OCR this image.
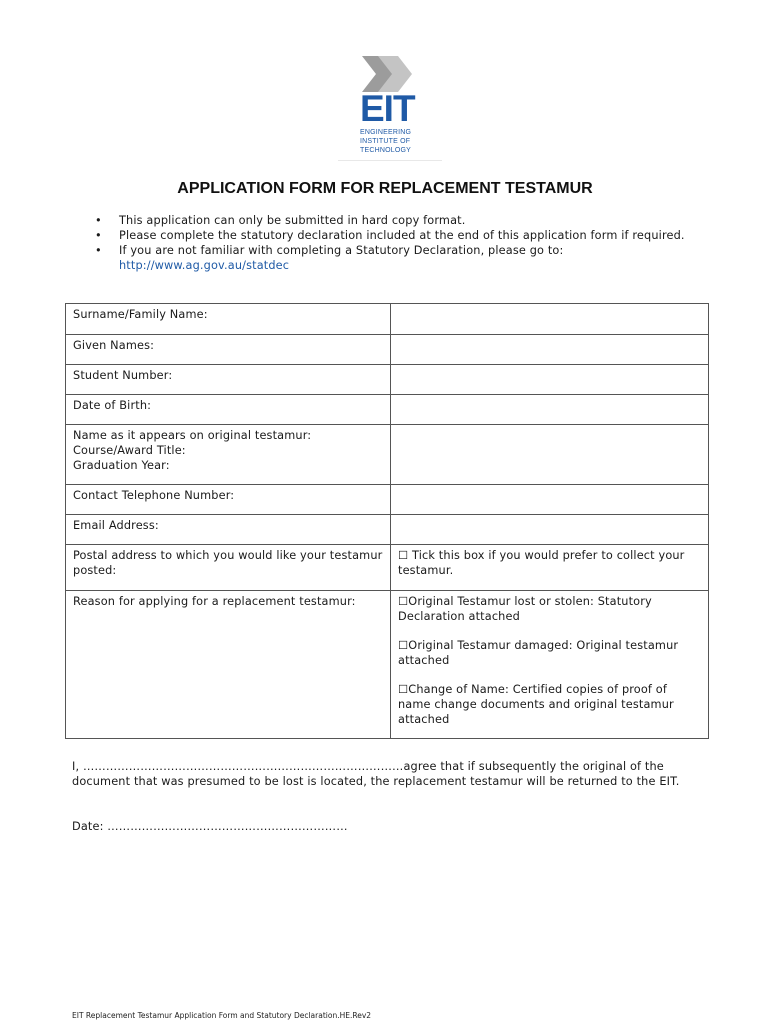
EIT
ENGINEERING
INSTITUTE OF
TECHNOLOGY
APPLICATION FORM FOR REPLACEMENT TESTAMUR
• This application can only be submitted in hard copy format.
• Please complete the statutory declaration included at the end of this application form if required.
• If you are not familiar with completing a Statutory Declaration, please go to:
http://www.ag.gov.au/statdec
Surname/Family Name:	
Given Names:	
Student Number:	
Date of Birth:	

Name as it appears on original testamur:
Course/Award Title:
Graduation Year:	

Contact Telephone Number:	
Email Address:	
Postal address to which you would like your testamur posted:	☐ Tick this box if you would prefer to collect your testamur.
Reason for applying for a replacement testamur:	☐Original Testamur lost or stolen: Statutory Declaration attached
☐Original Testamur damaged: Original testamur attached
☐Change of Name: Certified copies of proof of name change documents and original testamur attached
I, …………………………………………………………………………agree that if subsequently the original of the document that was presumed to be lost is located, the replacement testamur will be returned to the EIT.
Date: ………………………………………………………
EIT Replacement Testamur Application Form and Statutory Declaration.HE.Rev2
